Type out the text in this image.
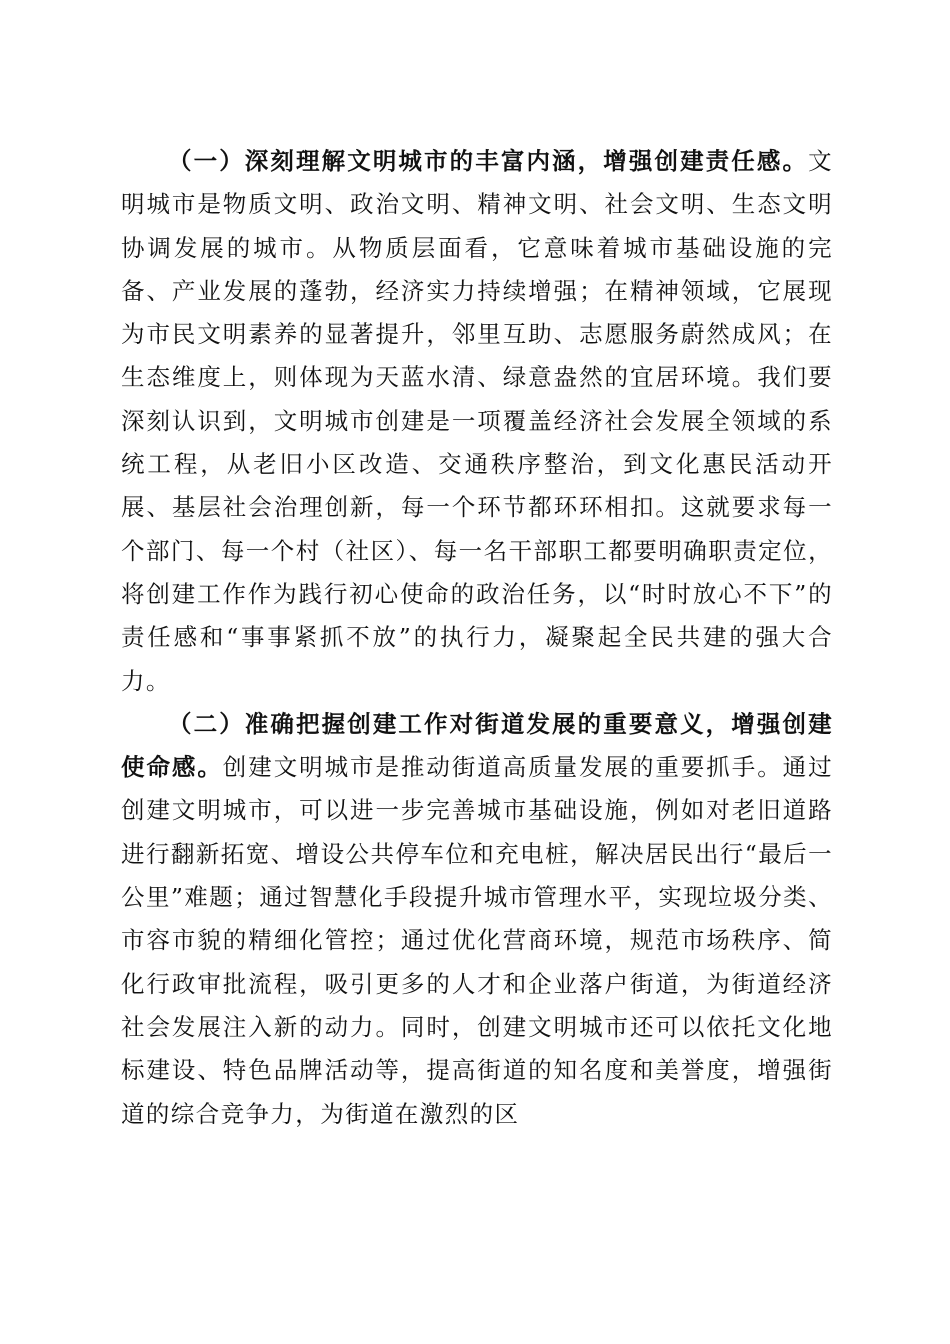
（一）深刻理解文明城市的丰富内涵，增强创建责任感。文明城市是物质文明、政治文明、精神文明、社会文明、生态文明协调发展的城市。从物质层面看，它意味着城市基础设施的完备、产业发展的蓬勃，经济实力持续增强；在精神领域，它展现为市民文明素养的显著提升，邻里互助、志愿服务蔚然成风；在生态维度上，则体现为天蓝水清、绿意盎然的宜居环境。我们要深刻认识到，文明城市创建是一项覆盖经济社会发展全领域的系统工程，从老旧小区改造、交通秩序整治，到文化惠民活动开展、基层社会治理创新，每一个环节都环环相扣。这就要求每一个部门、每一个村（社区）、每一名干部职工都要明确职责定位，将创建工作作为践行初心使命的政治任务，以“时时放心不下”的责任感和“事事紧抓不放”的执行力，凝聚起全民共建的强大合力。

（二）准确把握创建工作对街道发展的重要意义，增强创建使命感。创建文明城市是推动街道高质量发展的重要抓手。通过创建文明城市，可以进一步完善城市基础设施，例如对老旧道路进行翻新拓宽、增设公共停车位和充电桩，解决居民出行“最后一公里”难题；通过智慧化手段提升城市管理水平，实现垃圾分类、市容市貌的精细化管控；通过优化营商环境，规范市场秩序、简化行政审批流程，吸引更多的人才和企业落户街道，为街道经济社会发展注入新的动力。同时，创建文明城市还可以依托文化地标建设、特色品牌活动等，提高街道的知名度和美誉度，增强街道的综合竞争力，为街道在激烈的区
